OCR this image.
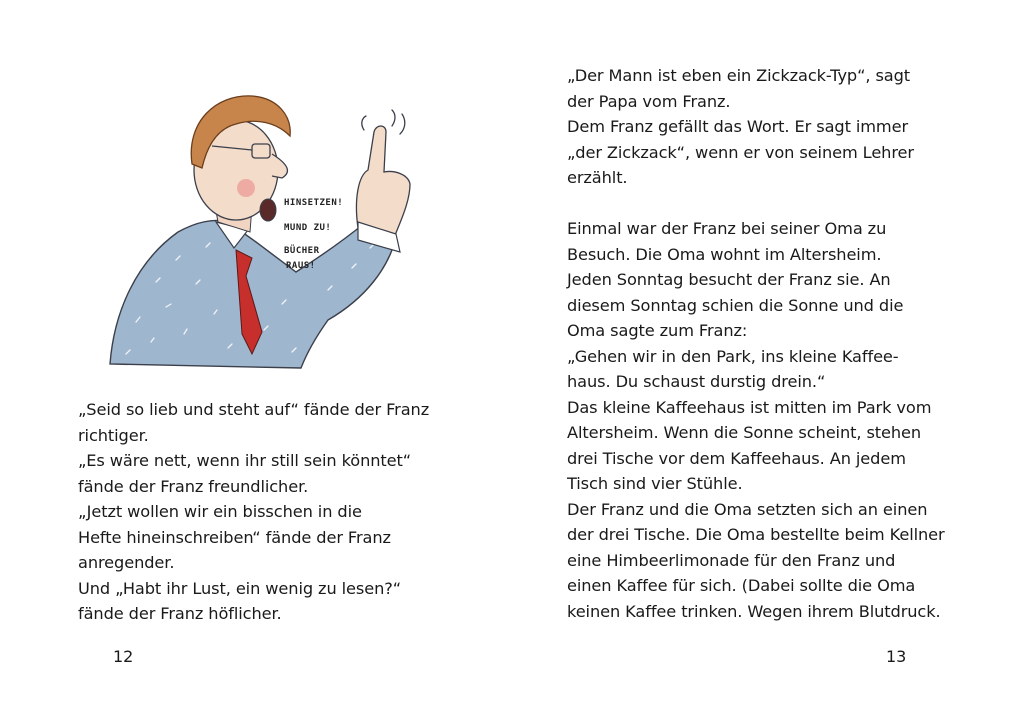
HINSETZEN!
MUND ZU!
BÜCHER
RAUS!
„Seid so lieb und steht auf“ fände der Franz
richtiger.
„Es wäre nett, wenn ihr still sein könntet“
fände der Franz freundlicher.
„Jetzt wollen wir ein bisschen in die
Hefte hineinschreiben“ fände der Franz
anregender.
Und „Habt ihr Lust, ein wenig zu lesen?“
fände der Franz höflicher.
12
„Der Mann ist eben ein Zickzack-Typ“, sagt
der Papa vom Franz.
Dem Franz gefällt das Wort. Er sagt immer
„der Zickzack“, wenn er von seinem Lehrer
erzählt.
Einmal war der Franz bei seiner Oma zu
Besuch. Die Oma wohnt im Altersheim.
Jeden Sonntag besucht der Franz sie. An
diesem Sonntag schien die Sonne und die
Oma sagte zum Franz:
„Gehen wir in den Park, ins kleine Kaffee-
haus. Du schaust durstig drein.“
Das kleine Kaffeehaus ist mitten im Park vom
Altersheim. Wenn die Sonne scheint, stehen
drei Tische vor dem Kaffeehaus. An jedem
Tisch sind vier Stühle.
Der Franz und die Oma setzten sich an einen
der drei Tische. Die Oma bestellte beim Kellner
eine Himbeerlimonade für den Franz und
einen Kaffee für sich. (Dabei sollte die Oma
keinen Kaffee trinken. Wegen ihrem Blutdruck.
13
